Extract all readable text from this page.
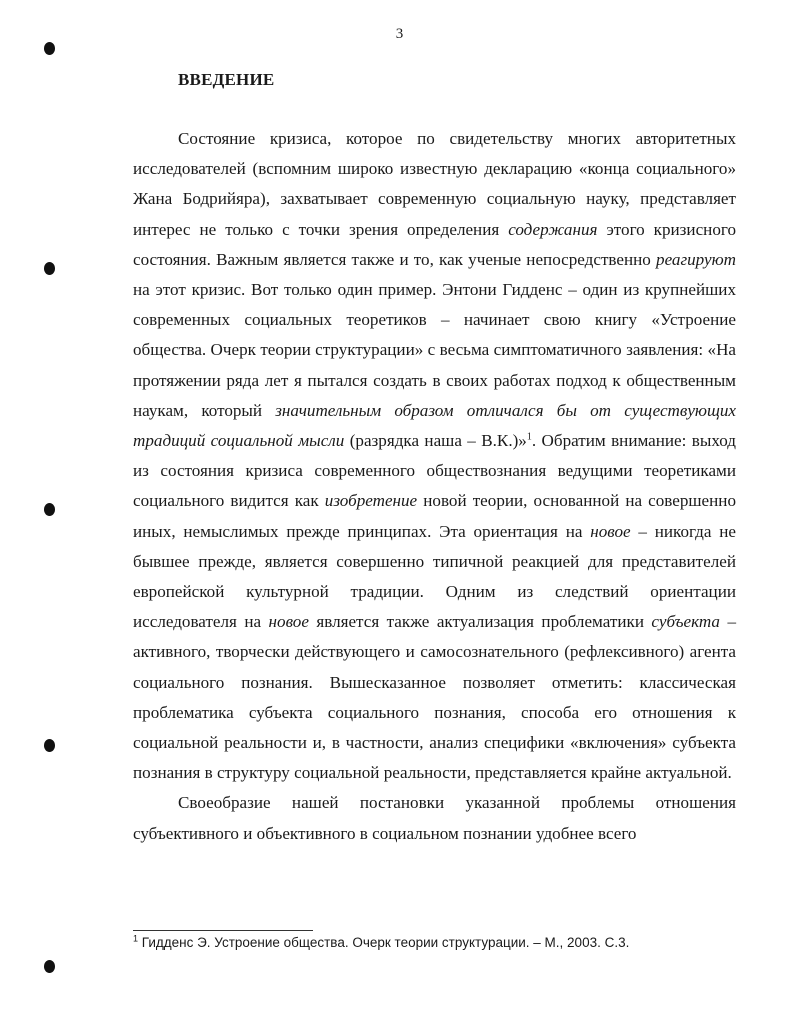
3
ВВЕДЕНИЕ

Состояние кризиса, которое по свидетельству многих авторитетных исследователей (вспомним широко известную декларацию «конца социального» Жана Бодрийяра), захватывает современную социальную науку, представляет интерес не только с точки зрения определения содержания этого кризисного состояния. Важным является также и то, как ученые непосредственно реагируют на этот кризис. Вот только один пример. Энтони Гидденс – один из крупнейших современных социальных теоретиков – начинает свою книгу «Устроение общества. Очерк теории структурации» с весьма симптоматичного заявления: «На протяжении ряда лет я пытался создать в своих работах подход к общественным наукам, который значительным образом отличался бы от существующих традиций социальной мысли (разрядка наша – В.К.)»$^1$. Обратим внимание: выход из состояния кризиса современного обществознания ведущими теоретиками социального видится как изобретение новой теории, основанной на совершенно иных, немыслимых прежде принципах. Эта ориентация на новое – никогда не бывшее прежде, является совершенно типичной реакцией для представителей европейской культурной традиции. Одним из следствий ориентации исследователя на новое является также актуализация проблематики субъекта – активного, творчески действующего и самосознательного (рефлексивного) агента социального познания. Вышесказанное позволяет отметить: классическая проблематика субъекта социального познания, способа его отношения к социальной реальности и, в частности, анализ специфики «включения» субъекта познания в структуру социальной реальности, представляется крайне актуальной.

Своеобразие нашей постановки указанной проблемы отношения субъективного и объективного в социальном познании удобнее всего

$^1$ Гидденс Э. Устроение общества. Очерк теории структурации. – М., 2003. С.3.
